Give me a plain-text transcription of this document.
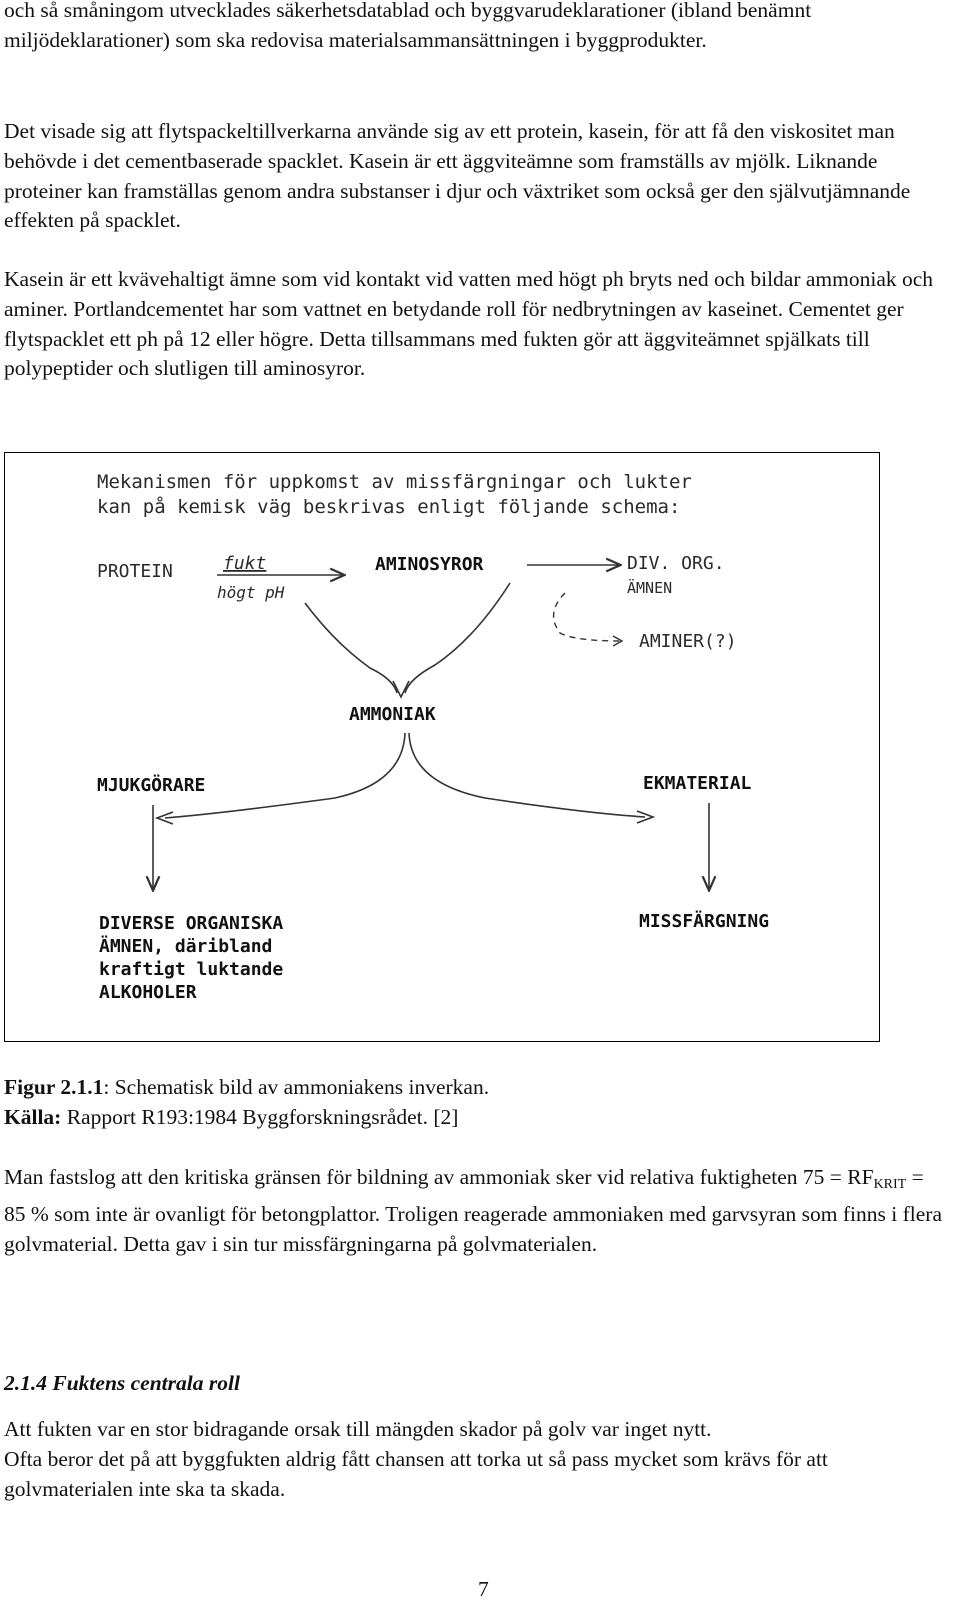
och så småningom utvecklades säkerhetsdatablad och byggvarudeklarationer (ibland benämnt miljödeklarationer) som ska redovisa materialsammansättningen i byggprodukter.

Det visade sig att flytspackeltillverkarna använde sig av ett protein, kasein, för att få den viskositet man behövde i det cementbaserade spacklet. Kasein är ett äggviteämne som framställs av mjölk. Liknande proteiner kan framställas genom andra substanser i djur och växtriket som också ger den självutjämnande effekten på spacklet.

Kasein är ett kvävehaltigt ämne som vid kontakt vid vatten med högt ph bryts ned och bildar ammoniak och aminer. Portlandcementet har som vattnet en betydande roll för nedbrytningen av kaseinet. Cementet ger flytspacklet ett ph på 12 eller högre. Detta tillsammans med fukten gör att äggviteämnet spjälkats till polypeptider och slutligen till aminosyror.

Mekanismen för uppkomst av missfärgningar och lukter
kan på kemisk väg beskrivas enligt följande schema:
PROTEIN	fukt
högt pH
AMINOSYROR	DIV. ORG.
ÄMNEN
AMINER(?)
AMMONIAK
MJUKGÖRARE	EKMATERIAL
DIVERSE ORGANISKA
ÄMNEN, däribland
kraftigt luktande
ALKOHOLER
MISSFÄRGNING
Figur 2.1.1: Schematisk bild av ammoniakens inverkan.
Källa: Rapport R193:1984 Byggforskningsrådet. [2]

Man fastslog att den kritiska gränsen för bildning av ammoniak sker vid relativa fuktigheten $75 = RF_{KRIT} = 85$ % som inte är ovanligt för betongplattor. Troligen reagerade ammoniaken med garvsyran som finns i flera golvmaterial. Detta gav i sin tur missfärgningarna på golvmaterialen.

2.1.4 Fuktens centrala roll
Att fukten var en stor bidragande orsak till mängden skador på golv var inget nytt.
Ofta beror det på att byggfukten aldrig fått chansen att torka ut så pass mycket som krävs för att golvmaterialen inte ska ta skada.
7
